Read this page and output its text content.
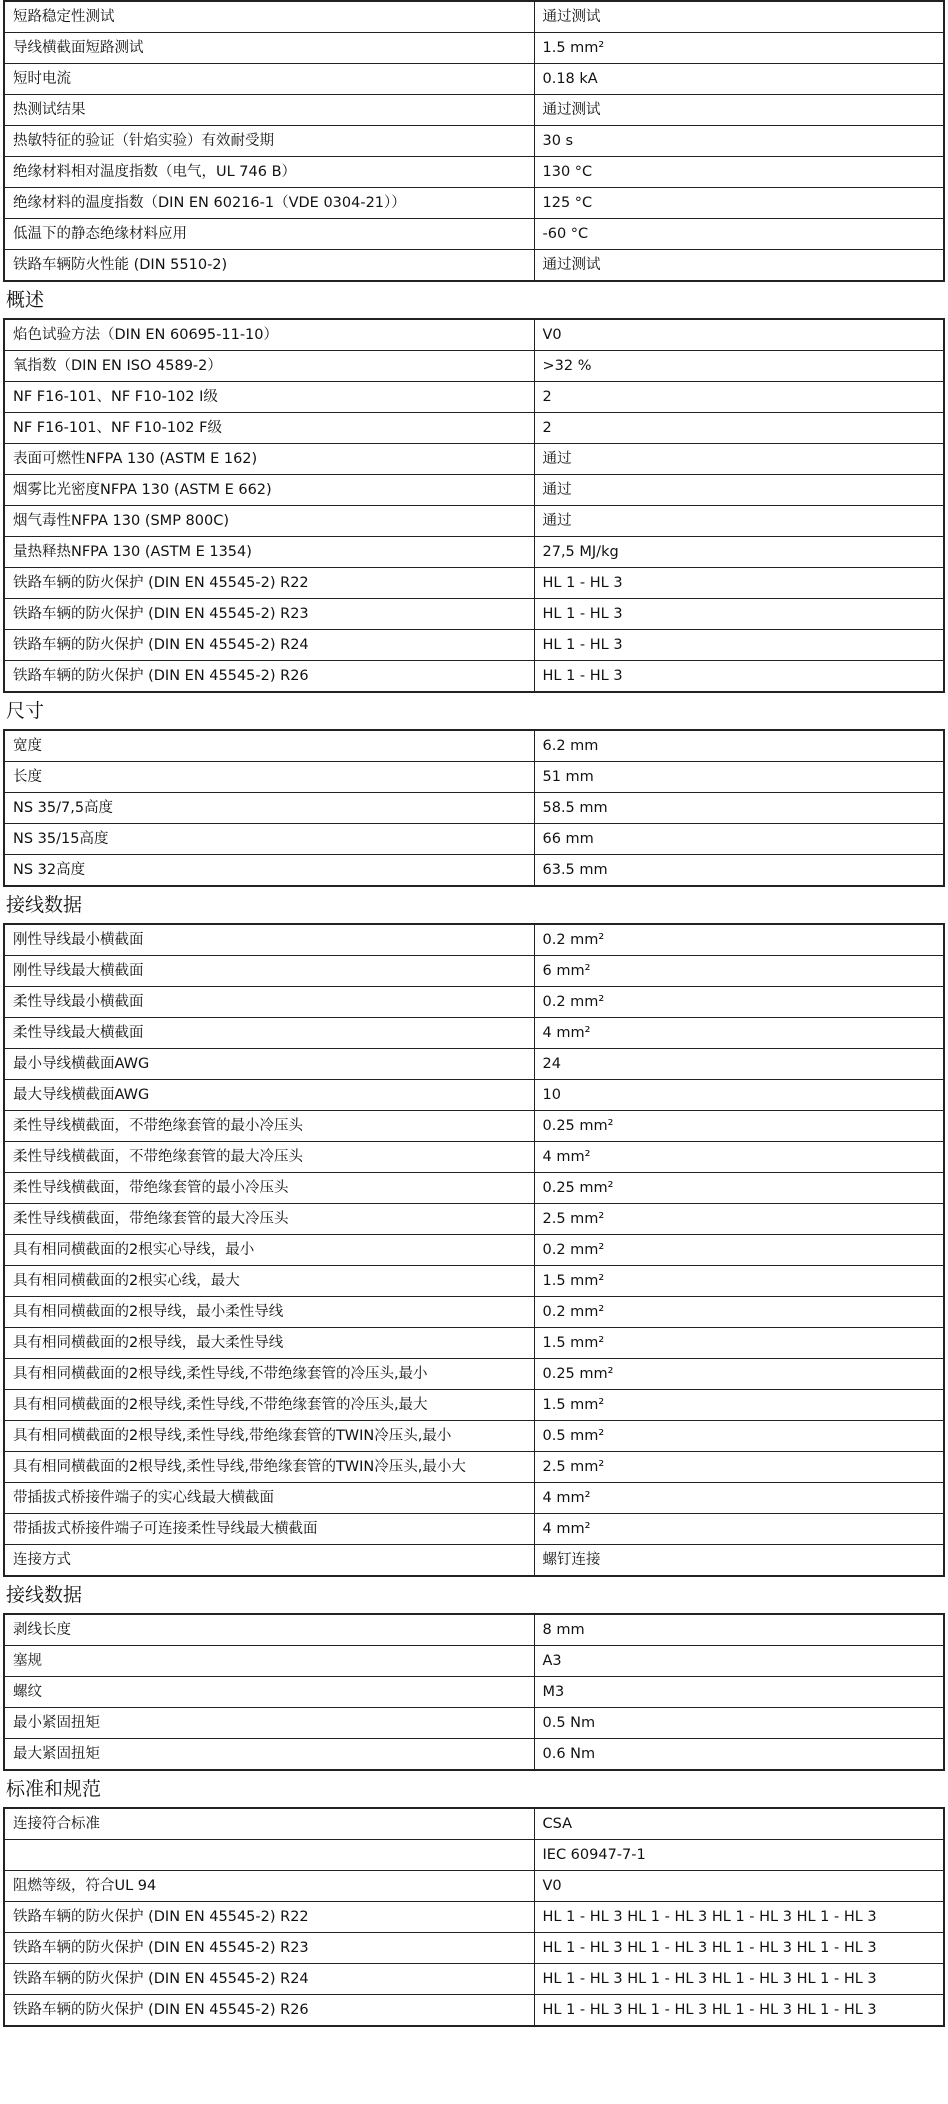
短路稳定性测试	通过测试
导线横截面短路测试	1.5 mm²
短时电流	0.18 kA
热测试结果	通过测试
热敏特征的验证（针焰实验）有效耐受期	30 s
绝缘材料相对温度指数（电气，UL 746 B）	130 °C
绝缘材料的温度指数（DIN EN 60216-1（VDE 0304-21））	125 °C
低温下的静态绝缘材料应用	-60 °C
铁路车辆防火性能 (DIN 5510-2)	通过测试
概述
焰色试验方法（DIN EN 60695-11-10）	V0
氧指数（DIN EN ISO 4589-2）	>32 %
NF F16-101、NF F10-102 I级	2
NF F16-101、NF F10-102 F级	2
表面可燃性NFPA 130 (ASTM E 162)	通过
烟雾比光密度NFPA 130 (ASTM E 662)	通过
烟气毒性NFPA 130 (SMP 800C)	通过
量热释热NFPA 130 (ASTM E 1354)	27,5 MJ/kg
铁路车辆的防火保护 (DIN EN 45545-2) R22	HL 1 - HL 3
铁路车辆的防火保护 (DIN EN 45545-2) R23	HL 1 - HL 3
铁路车辆的防火保护 (DIN EN 45545-2) R24	HL 1 - HL 3
铁路车辆的防火保护 (DIN EN 45545-2) R26	HL 1 - HL 3
尺寸
宽度	6.2 mm
长度	51 mm
NS 35/7,5高度	58.5 mm
NS 35/15高度	66 mm
NS 32高度	63.5 mm
接线数据
刚性导线最小横截面	0.2 mm²
刚性导线最大横截面	6 mm²
柔性导线最小横截面	0.2 mm²
柔性导线最大横截面	4 mm²
最小导线横截面AWG	24
最大导线横截面AWG	10
柔性导线横截面，不带绝缘套管的最小冷压头	0.25 mm²
柔性导线横截面，不带绝缘套管的最大冷压头	4 mm²
柔性导线横截面，带绝缘套管的最小冷压头	0.25 mm²
柔性导线横截面，带绝缘套管的最大冷压头	2.5 mm²
具有相同横截面的2根实心导线，最小	0.2 mm²
具有相同横截面的2根实心线，最大	1.5 mm²
具有相同横截面的2根导线，最小柔性导线	0.2 mm²
具有相同横截面的2根导线，最大柔性导线	1.5 mm²
具有相同横截面的2根导线,柔性导线,不带绝缘套管的冷压头,最小	0.25 mm²
具有相同横截面的2根导线,柔性导线,不带绝缘套管的冷压头,最大	1.5 mm²
具有相同横截面的2根导线,柔性导线,带绝缘套管的TWIN冷压头,最小	0.5 mm²
具有相同横截面的2根导线,柔性导线,带绝缘套管的TWIN冷压头,最小大	2.5 mm²
带插拔式桥接件端子的实心线最大横截面	4 mm²
带插拔式桥接件端子可连接柔性导线最大横截面	4 mm²
连接方式	螺钉连接
接线数据
剥线长度	8 mm
塞规	A3
螺纹	M3
最小紧固扭矩	0.5 Nm
最大紧固扭矩	0.6 Nm
标准和规范
连接符合标准	CSA
	IEC 60947-7-1
阻燃等级，符合UL 94	V0
铁路车辆的防火保护 (DIN EN 45545-2) R22	HL 1 - HL 3 HL 1 - HL 3 HL 1 - HL 3 HL 1 - HL 3
铁路车辆的防火保护 (DIN EN 45545-2) R23	HL 1 - HL 3 HL 1 - HL 3 HL 1 - HL 3 HL 1 - HL 3
铁路车辆的防火保护 (DIN EN 45545-2) R24	HL 1 - HL 3 HL 1 - HL 3 HL 1 - HL 3 HL 1 - HL 3
铁路车辆的防火保护 (DIN EN 45545-2) R26	HL 1 - HL 3 HL 1 - HL 3 HL 1 - HL 3 HL 1 - HL 3
